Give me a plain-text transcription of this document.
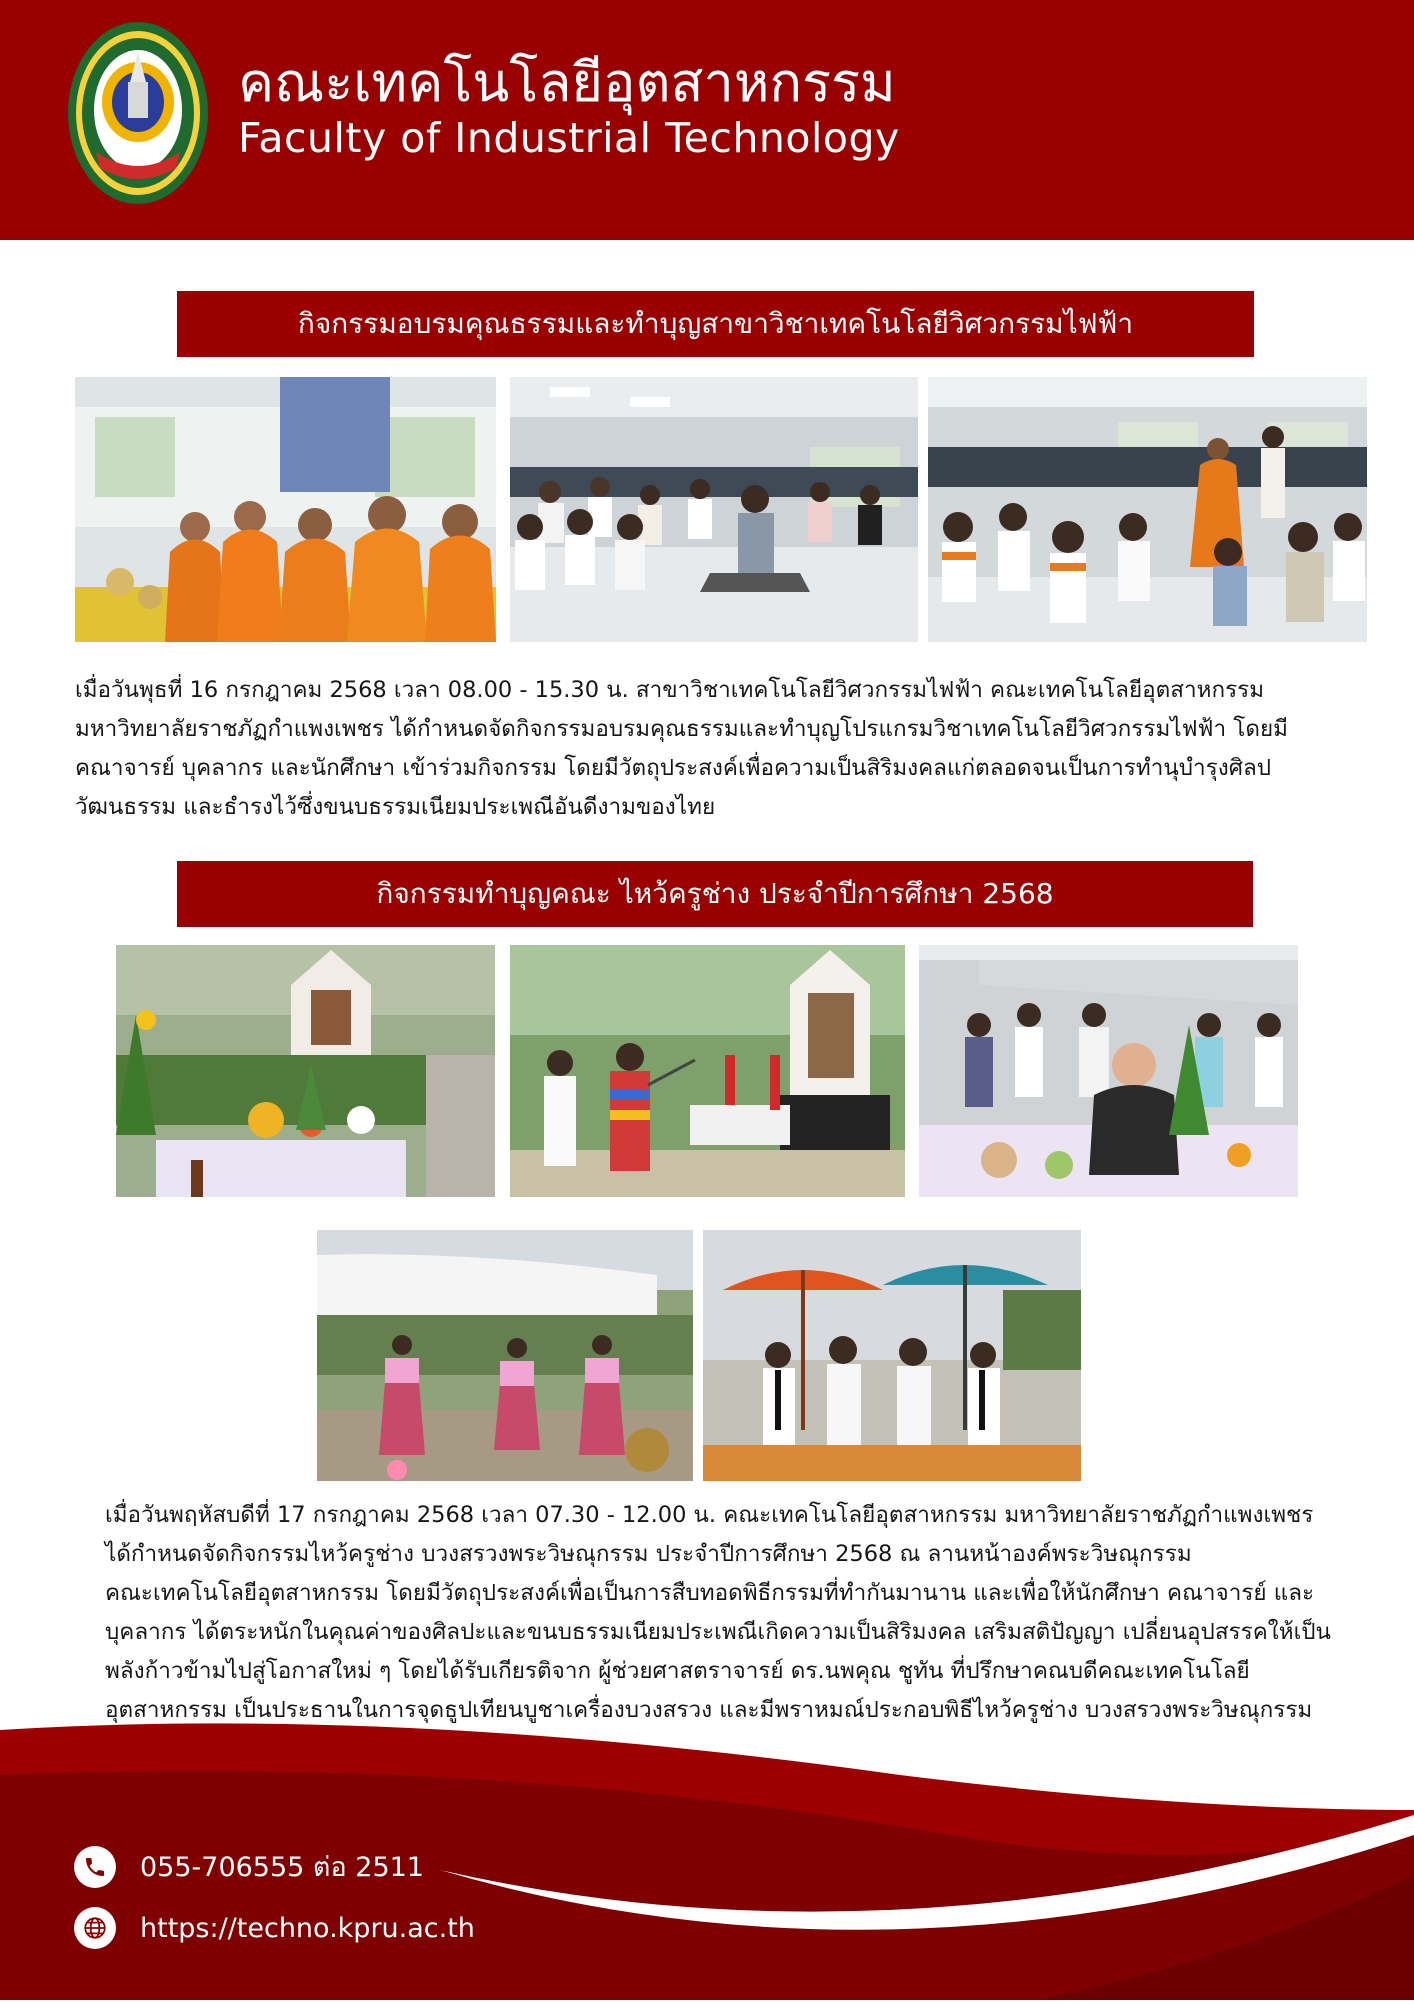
คณะเทคโนโลยีอุตสาหกรรม
Faculty of Industrial Technology
กิจกรรมอบรมคุณธรรมและทำบุญสาขาวิชาเทคโนโลยีวิศวกรรมไฟฟ้า
เมื่อวันพุธที่ 16 กรกฎาคม 2568 เวลา 08.00 - 15.30 น. สาขาวิชาเทคโนโลยีวิศวกรรมไฟฟ้า คณะเทคโนโลยีอุตสาหกรรม
มหาวิทยาลัยราชภัฏกำแพงเพชร ได้กำหนดจัดกิจกรรมอบรมคุณธรรมและทำบุญโปรแกรมวิชาเทคโนโลยีวิศวกรรมไฟฟ้า โดยมี
คณาจารย์ บุคลากร และนักศึกษา เข้าร่วมกิจกรรม โดยมีวัตถุประสงค์เพื่อความเป็นสิริมงคลแก่ตลอดจนเป็นการทำนุบำรุงศิลป
วัฒนธรรม และธำรงไว้ซึ่งขนบธรรมเนียมประเพณีอันดีงามของไทย
กิจกรรมทำบุญคณะ ไหว้ครูช่าง ประจำปีการศึกษา 2568
เมื่อวันพฤหัสบดีที่ 17 กรกฎาคม 2568 เวลา 07.30 - 12.00 น. คณะเทคโนโลยีอุตสาหกรรม มหาวิทยาลัยราชภัฏกำแพงเพชร
ได้กำหนดจัดกิจกรรมไหว้ครูช่าง บวงสรวงพระวิษณุกรรม ประจำปีการศึกษา 2568 ณ ลานหน้าองค์พระวิษณุกรรม
คณะเทคโนโลยีอุตสาหกรรม โดยมีวัตถุประสงค์เพื่อเป็นการสืบทอดพิธีกรรมที่ทำกันมานาน และเพื่อให้นักศึกษา คณาจารย์ และ
บุคลากร ได้ตระหนักในคุณค่าของศิลปะและขนบธรรมเนียมประเพณีเกิดความเป็นสิริมงคล เสริมสติปัญญา เปลี่ยนอุปสรรคให้เป็น
พลังก้าวข้ามไปสู่โอกาสใหม่ ๆ โดยได้รับเกียรติจาก ผู้ช่วยศาสตราจารย์ ดร.นพคุณ ชูทัน ที่ปรึกษาคณบดีคณะเทคโนโลยี
อุตสาหกรรม เป็นประธานในการจุดธูปเทียนบูชาเครื่องบวงสรวง และมีพราหมณ์ประกอบพิธีไหว้ครูช่าง บวงสรวงพระวิษณุกรรม
055-706555 ต่อ 2511
https://techno.kpru.ac.th
